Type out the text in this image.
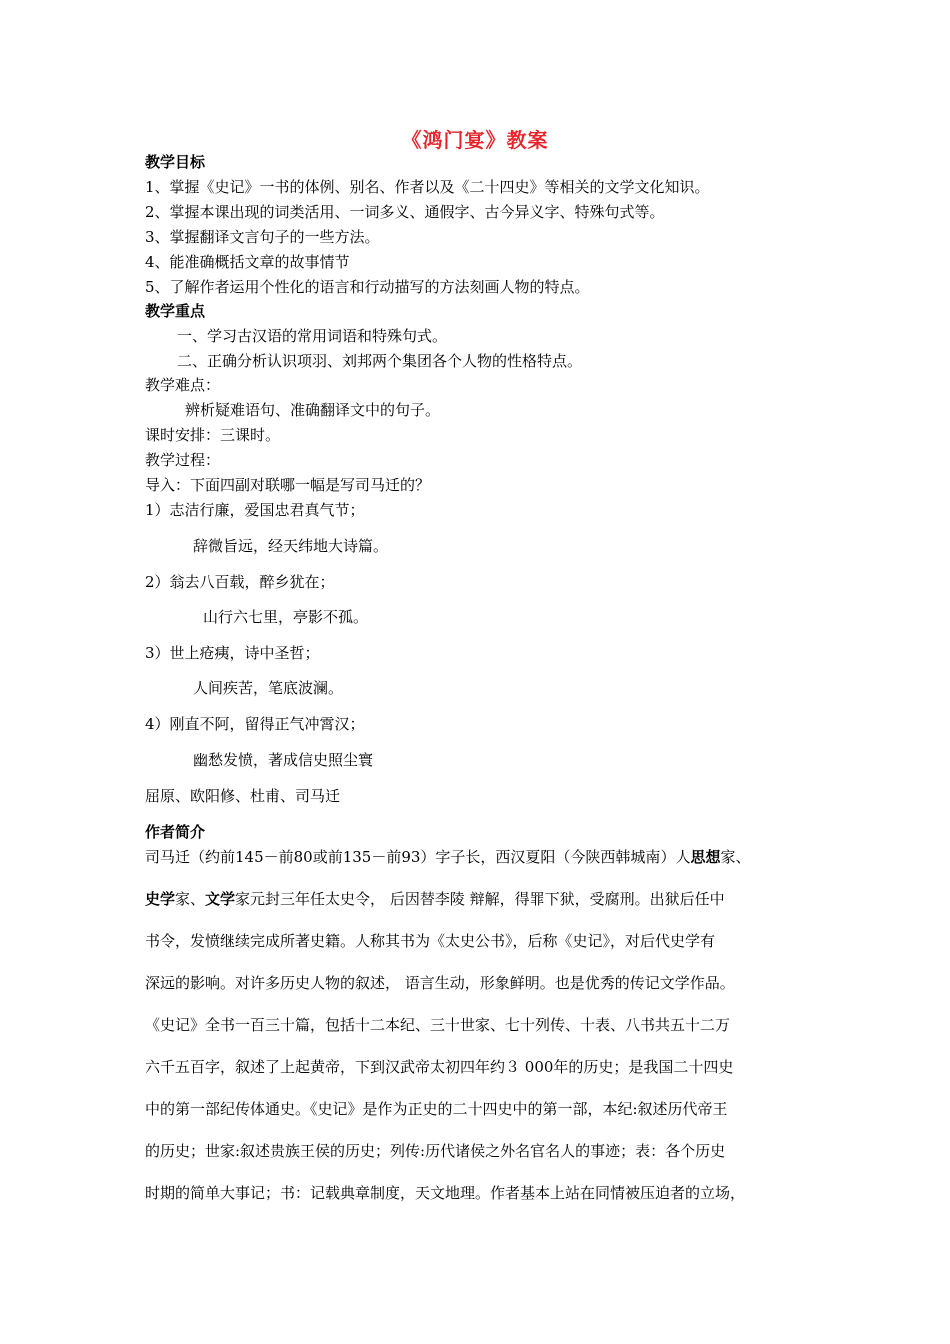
《鸿门宴》教案
教学目标
1、掌握《史记》一书的体例、别名、作者以及《二十四史》等相关的文学文化知识。
2、掌握本课出现的词类活用、一词多义、通假字、古今异义字、特殊句式等。
3、掌握翻译文言句子的一些方法。
4、能准确概括文章的故事情节
5、了解作者运用个性化的语言和行动描写的方法刻画人物的特点。
教学重点
一、学习古汉语的常用词语和特殊句式。
二、正确分析认识项羽、刘邦两个集团各个人物的性格特点。
教学难点：
辨析疑难语句、准确翻译文中的句子。
课时安排：三课时。
教学过程：
导入：下面四副对联哪一幅是写司马迁的？
1）志洁行廉，爱国忠君真气节；
辞微旨远，经天纬地大诗篇。
2）翁去八百载，醉乡犹在；
山行六七里，亭影不孤。
3）世上疮痍，诗中圣哲；
人间疾苦，笔底波澜。
4）刚直不阿，留得正气冲霄汉；
幽愁发愤，著成信史照尘寰
屈原、欧阳修、杜甫、司马迁
作者简介
司马迁（约前145－前80或前135－前93）字子长，西汉夏阳（今陕西韩城南）人思想家、
史学家、文学家元封三年任太史令， 后因替李陵 辩解，得罪下狱，受腐刑。出狱后任中
书令，发愤继续完成所著史籍。人称其书为《太史公书》，后称《史记》，对后代史学有
深远的影响。对许多历史人物的叙述， 语言生动，形象鲜明。也是优秀的传记文学作品。
《史记》全书一百三十篇，包括十二本纪、三十世家、七十列传、十表、八书共五十二万
六千五百字，叙述了上起黄帝，下到汉武帝太初四年约３ 000年的历史；是我国二十四史
中的第一部纪传体通史。《史记》是作为正史的二十四史中的第一部，本纪:叙述历代帝王
的历史；世家:叙述贵族王侯的历史；列传:历代诸侯之外名官名人的事迹；表：各个历史
时期的简单大事记；书：记载典章制度，天文地理。作者基本上站在同情被压迫者的立场，
